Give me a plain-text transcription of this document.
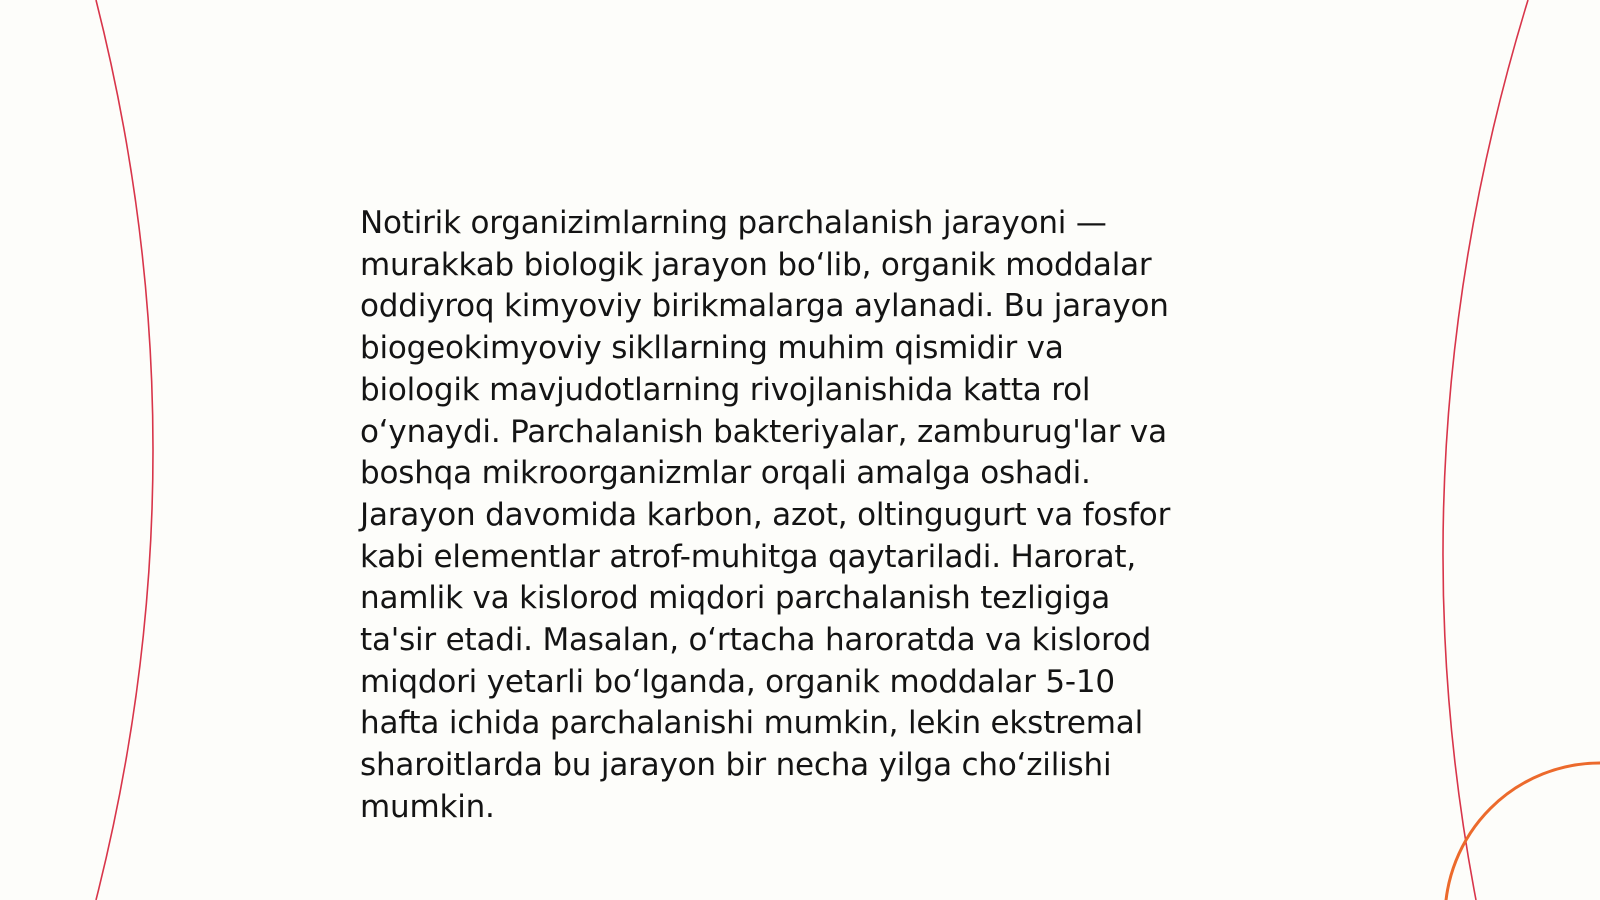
Notirik organizimlarning parchalanish jarayoni —
murakkab biologik jarayon bo‘lib, organik moddalar
oddiyroq kimyoviy birikmalarga aylanadi. Bu jarayon
biogeokimyoviy sikllarning muhim qismidir va
biologik mavjudotlarning rivojlanishida katta rol
o‘ynaydi. Parchalanish bakteriyalar, zamburug'lar va
boshqa mikroorganizmlar orqali amalga oshadi.
Jarayon davomida karbon, azot, oltingugurt va fosfor
kabi elementlar atrof-muhitga qaytariladi. Harorat,
namlik va kislorod miqdori parchalanish tezligiga
ta'sir etadi. Masalan, o‘rtacha haroratda va kislorod
miqdori yetarli bo‘lganda, organik moddalar 5-10
hafta ichida parchalanishi mumkin, lekin ekstremal
sharoitlarda bu jarayon bir necha yilga cho‘zilishi
mumkin.
